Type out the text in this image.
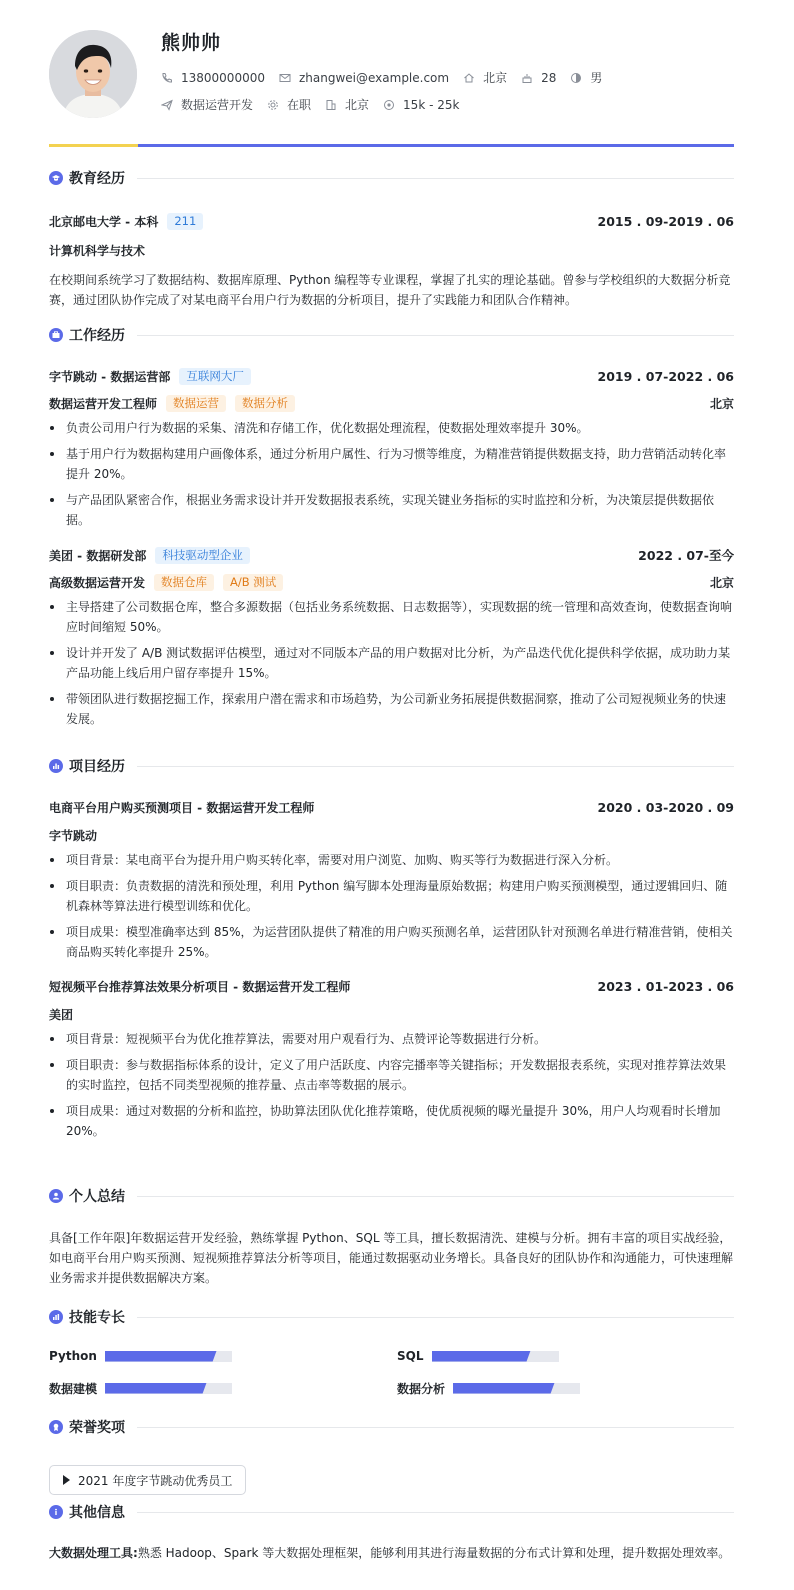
熊帅帅
13800000000	zhangwei@example.com	北京	28	男
数据运营开发	在职	北京	15k - 25k
教育经历
北京邮电大学 - 本科	211	2015 . 09-2019 . 06
计算机科学与技术
在校期间系统学习了数据结构、数据库原理、Python 编程等专业课程，掌握了扎实的理论基础。曾参与学校组织的大数据分析竞赛，通过团队协作完成了对某电商平台用户行为数据的分析项目，提升了实践能力和团队合作精神。
工作经历
字节跳动 - 数据运营部	互联网大厂	2019 . 07-2022 . 06
数据运营开发工程师	数据运营	数据分析	北京
负责公司用户行为数据的采集、清洗和存储工作，优化数据处理流程，使数据处理效率提升 30%。
基于用户行为数据构建用户画像体系，通过分析用户属性、行为习惯等维度，为精准营销提供数据支持，助力营销活动转化率提升 20%。
与产品团队紧密合作，根据业务需求设计并开发数据报表系统，实现关键业务指标的实时监控和分析，为决策层提供数据依据。
美团 - 数据研发部	科技驱动型企业	2022 . 07-至今
高级数据运营开发	数据仓库	A/B 测试	北京
主导搭建了公司数据仓库，整合多源数据（包括业务系统数据、日志数据等），实现数据的统一管理和高效查询，使数据查询响应时间缩短 50%。
设计并开发了 A/B 测试数据评估模型，通过对不同版本产品的用户数据对比分析，为产品迭代优化提供科学依据，成功助力某产品功能上线后用户留存率提升 15%。
带领团队进行数据挖掘工作，探索用户潜在需求和市场趋势，为公司新业务拓展提供数据洞察，推动了公司短视频业务的快速发展。
项目经历
电商平台用户购买预测项目 - 数据运营开发工程师	2020 . 03-2020 . 09
字节跳动
项目背景：某电商平台为提升用户购买转化率，需要对用户浏览、加购、购买等行为数据进行深入分析。
项目职责：负责数据的清洗和预处理，利用 Python 编写脚本处理海量原始数据；构建用户购买预测模型，通过逻辑回归、随机森林等算法进行模型训练和优化。
项目成果：模型准确率达到 85%，为运营团队提供了精准的用户购买预测名单，运营团队针对预测名单进行精准营销，使相关商品购买转化率提升 25%。
短视频平台推荐算法效果分析项目 - 数据运营开发工程师	2023 . 01-2023 . 06
美团
项目背景：短视频平台为优化推荐算法，需要对用户观看行为、点赞评论等数据进行分析。
项目职责：参与数据指标体系的设计，定义了用户活跃度、内容完播率等关键指标；开发数据报表系统，实现对推荐算法效果的实时监控，包括不同类型视频的推荐量、点击率等数据的展示。
项目成果：通过对数据的分析和监控，协助算法团队优化推荐策略，使优质视频的曝光量提升 30%，用户人均观看时长增加 20%。
个人总结
具备[工作年限]年数据运营开发经验，熟练掌握 Python、SQL 等工具，擅长数据清洗、建模与分析。拥有丰富的项目实战经验，如电商平台用户购买预测、短视频推荐算法分析等项目，能通过数据驱动业务增长。具备良好的团队协作和沟通能力，可快速理解业务需求并提供数据解决方案。
技能专长
Python	SQL
数据建模	数据分析
荣誉奖项
2021 年度字节跳动优秀员工
其他信息
大数据处理工具:熟悉 Hadoop、Spark 等大数据处理框架，能够利用其进行海量数据的分布式计算和处理，提升数据处理效率。
